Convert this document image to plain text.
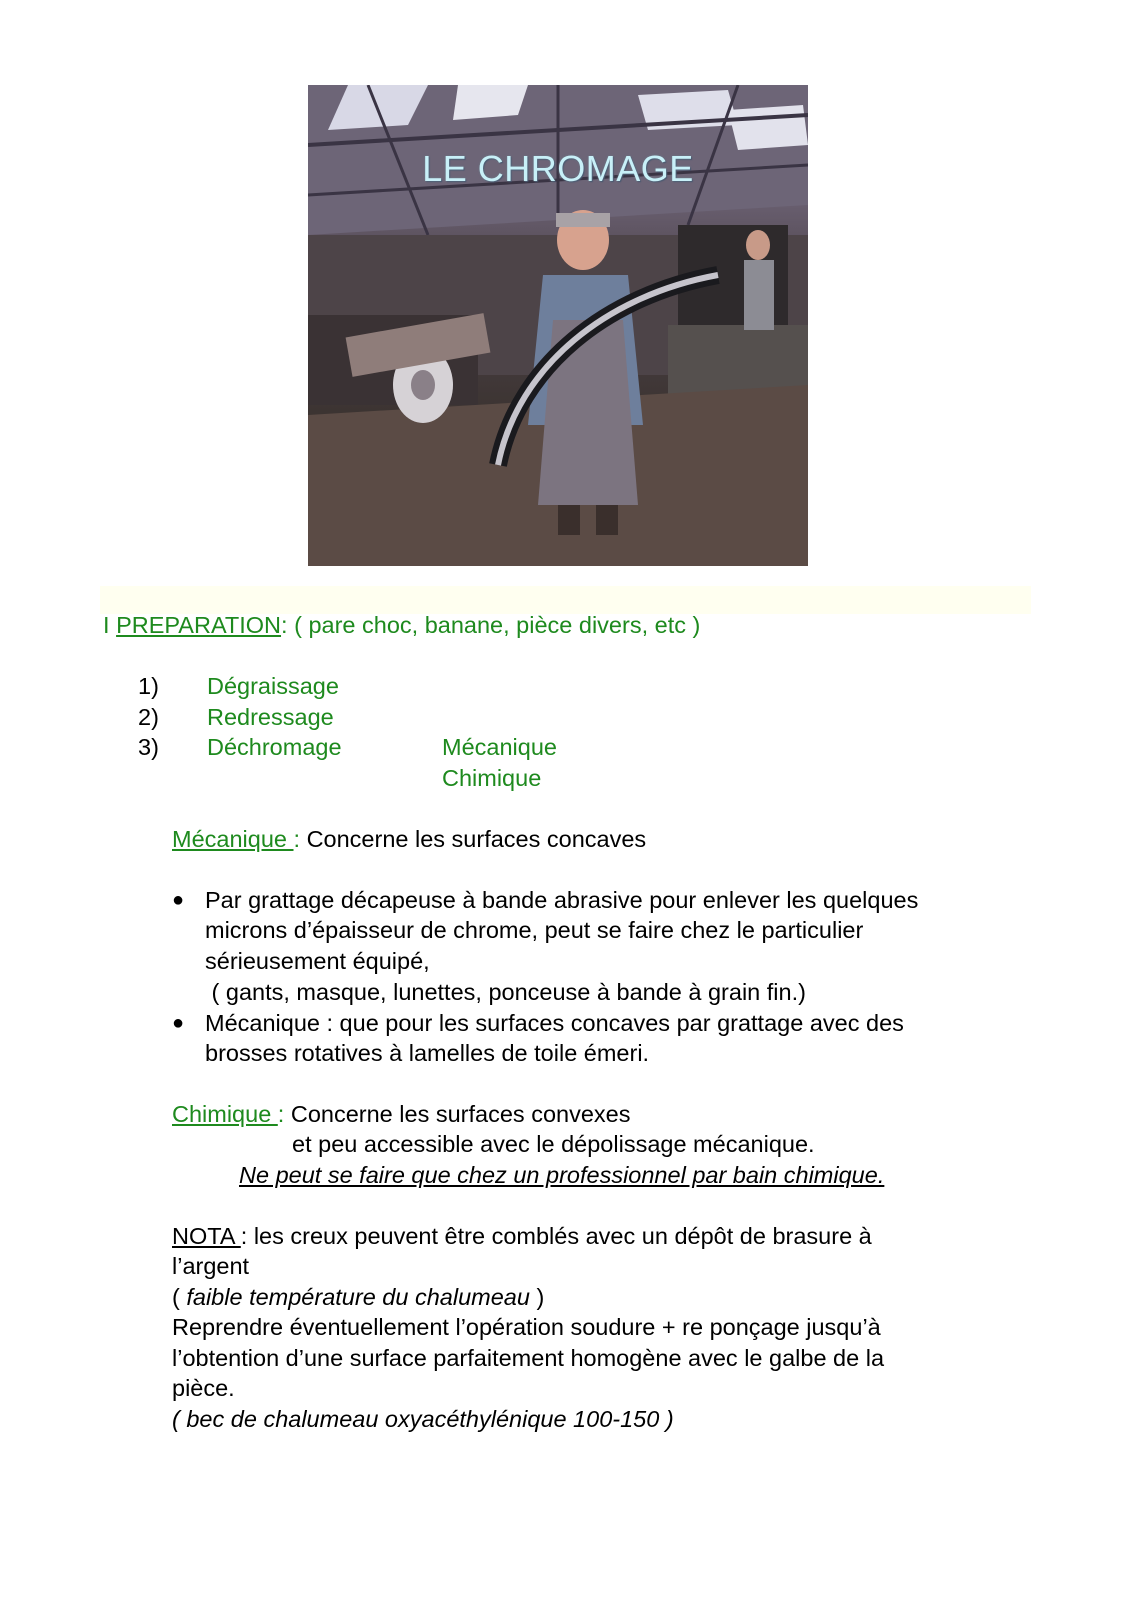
LE CHROMAGE
I PREPARATION: ( pare choc, banane, pièce divers, etc )
1) Dégraissage
2) Redressage
3) Déchromage	Mécanique
Chimique
Mécanique : Concerne les surfaces concaves
● Par grattage décapeuse à bande abrasive pour enlever les quelques
microns d’épaisseur de chrome, peut se faire chez le particulier
sérieusement équipé,
( gants, masque, lunettes, ponceuse à bande à grain fin.)
● Mécanique : que pour les surfaces concaves par grattage avec des
brosses rotatives à lamelles de toile émeri.
Chimique : Concerne les surfaces convexes
et peu accessible avec le dépolissage mécanique.
Ne peut se faire que chez un professionnel par bain chimique.
NOTA : les creux peuvent être comblés avec un dépôt de brasure à
l’argent
( faible température du chalumeau )
Reprendre éventuellement l’opération soudure + re ponçage jusqu’à
l’obtention d’une surface parfaitement homogène avec le galbe de la
pièce.
( bec de chalumeau oxyacéthylénique 100-150 )
